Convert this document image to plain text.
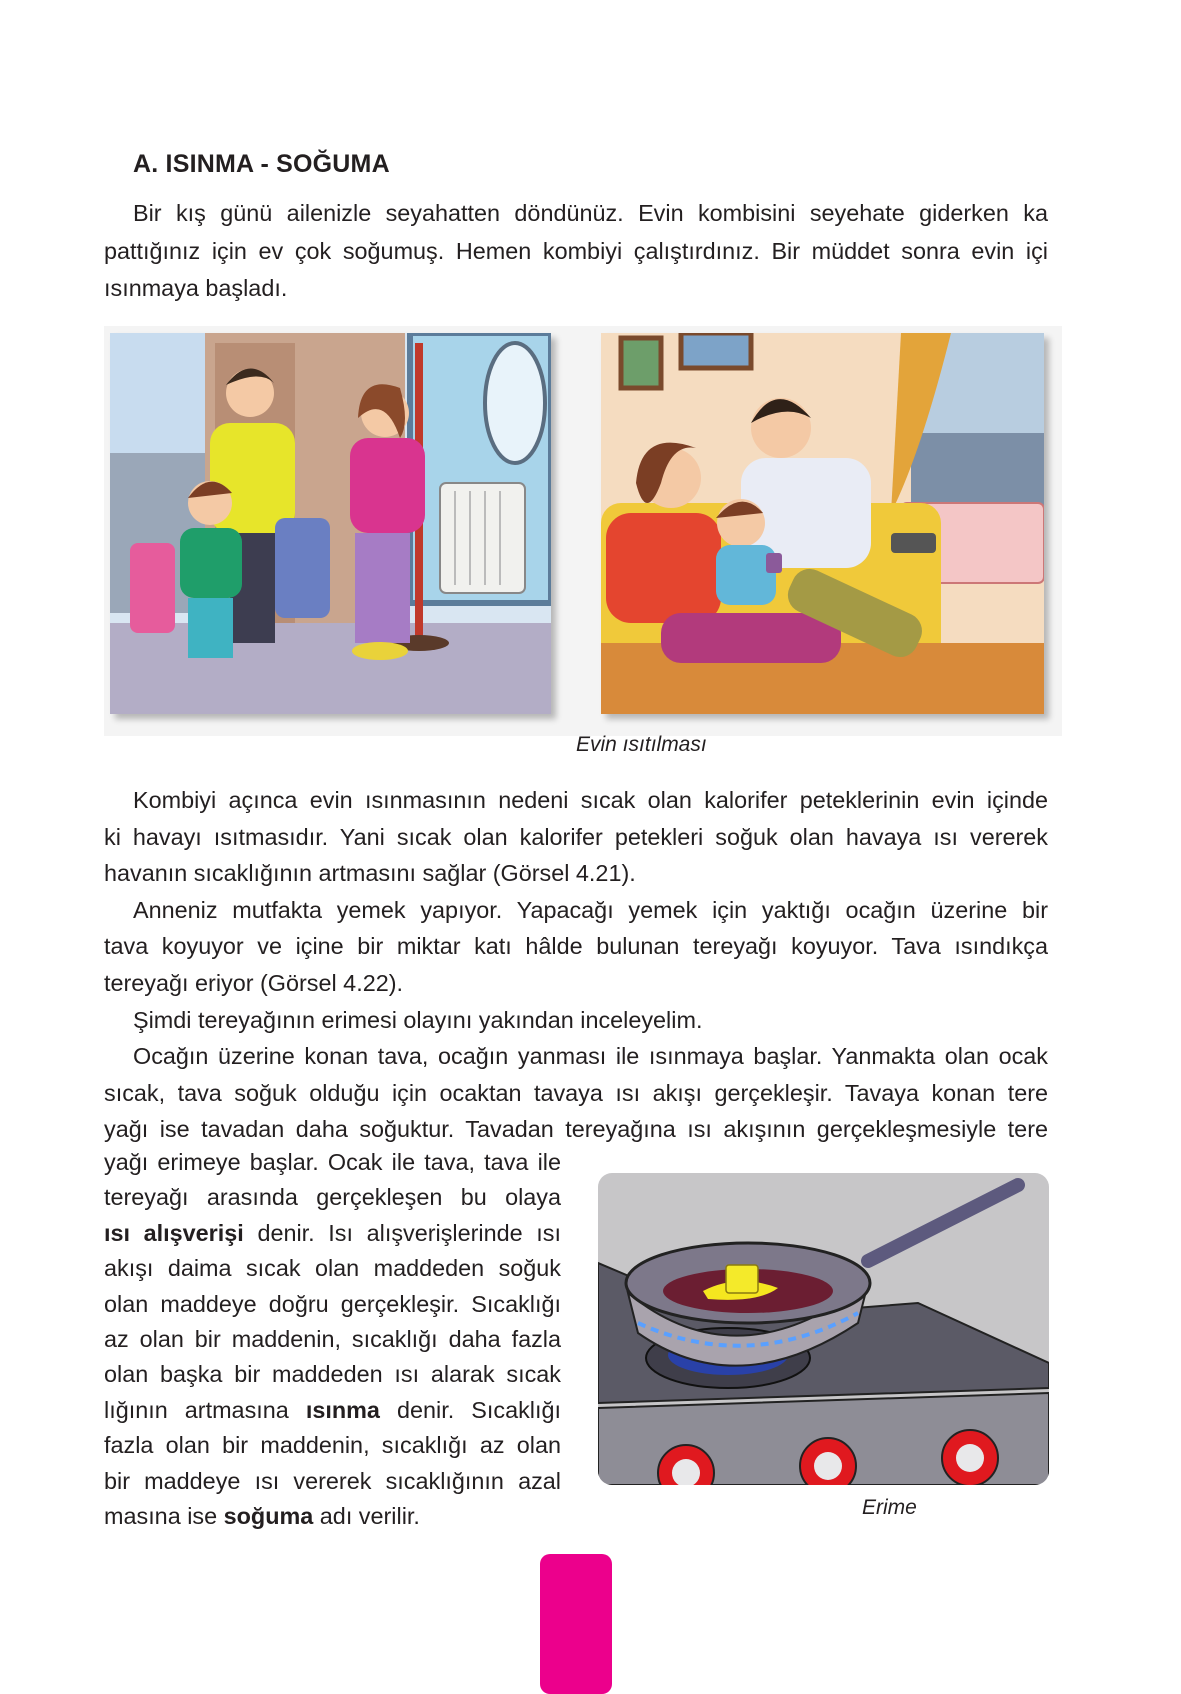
A. ISINMA - SOĞUMA
Bir kış günü ailenizle seyahatten döndünüz. Evin kombisini seyehate giderken ka
pattığınız için ev çok soğumuş. Hemen kombiyi çalıştırdınız. Bir müddet sonra evin içi
ısınmaya başladı.
Evin ısıtılması
Kombiyi açınca evin ısınmasının nedeni sıcak olan kalorifer peteklerinin evin içinde
ki havayı ısıtmasıdır. Yani sıcak olan kalorifer petekleri soğuk olan havaya ısı vererek
havanın sıcaklığının artmasını sağlar (Görsel 4.21).
Anneniz mutfakta yemek yapıyor. Yapacağı yemek için yaktığı ocağın üzerine bir
tava koyuyor ve içine bir miktar katı hâlde bulunan tereyağı koyuyor. Tava ısındıkça
tereyağı eriyor (Görsel 4.22).
Şimdi tereyağının erimesi olayını yakından inceleyelim.
Ocağın üzerine konan tava, ocağın yanması ile ısınmaya başlar. Yanmakta olan ocak
sıcak, tava soğuk olduğu için ocaktan tavaya ısı akışı gerçekleşir. Tavaya konan tere
yağı ise tavadan daha soğuktur. Tavadan tereyağına ısı akışının gerçekleşmesiyle tere
yağı erimeye başlar. Ocak ile tava, tava ile
tereyağı arasında gerçekleşen bu olaya
ısı alışverişi denir. Isı alışverişlerinde ısı
akışı daima sıcak olan maddeden soğuk
olan maddeye doğru gerçekleşir. Sıcaklığı
az olan bir maddenin, sıcaklığı daha fazla
olan başka bir maddeden ısı alarak sıcak
lığının artmasına ısınma denir. Sıcaklığı
fazla olan bir maddenin, sıcaklığı az olan
bir maddeye ısı vererek sıcaklığının azal
masına ise soğuma adı verilir.	Erime
